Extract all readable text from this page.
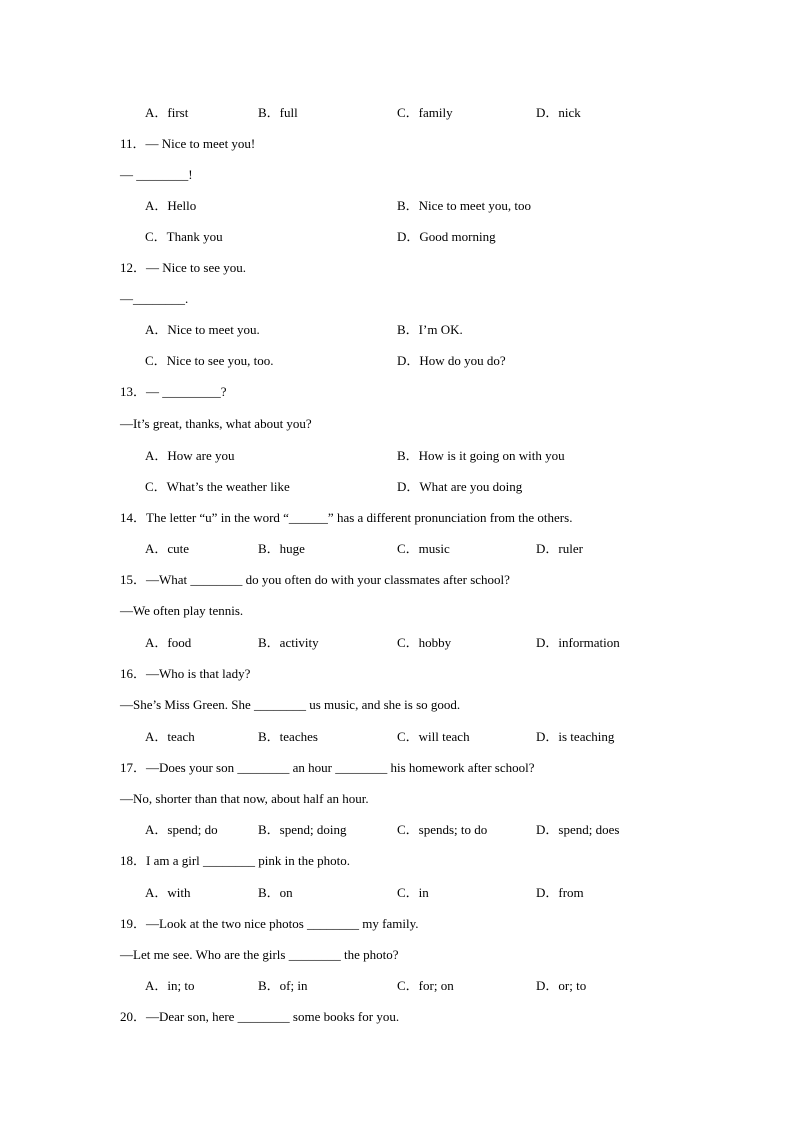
A．first	B．full	C．family	D．nick
11．— Nice to meet you!
— ________!
A．Hello	B．Nice to meet you, too
C．Thank you	D．Good morning
12．— Nice to see you.
—________.
A．Nice to meet you.	B．I’m OK.
C．Nice to see you, too.	D．How do you do?
13．— _________?
—It’s great, thanks, what about you?
A．How are you	B．How is it going on with you
C．What’s the weather like	D．What are you doing
14．The letter “u” in the word “______” has a different pronunciation from the others.
A．cute	B．huge	C．music	D．ruler
15．—What ________ do you often do with your classmates after school?
—We often play tennis.
A．food	B．activity	C．hobby	D．information
16．—Who is that lady?
—She’s Miss Green. She ________ us music, and she is so good.
A．teach	B．teaches	C．will teach	D．is teaching
17．—Does your son ________ an hour ________ his homework after school?
—No, shorter than that now, about half an hour.
A．spend; do	B．spend; doing	C．spends; to do	D．spend; does
18．I am a girl ________ pink in the photo.
A．with	B．on	C．in	D．from
19．—Look at the two nice photos ________ my family.
—Let me see. Who are the girls ________ the photo?
A．in; to	B．of; in	C．for; on	D．or; to
20．—Dear son, here ________ some books for you.
